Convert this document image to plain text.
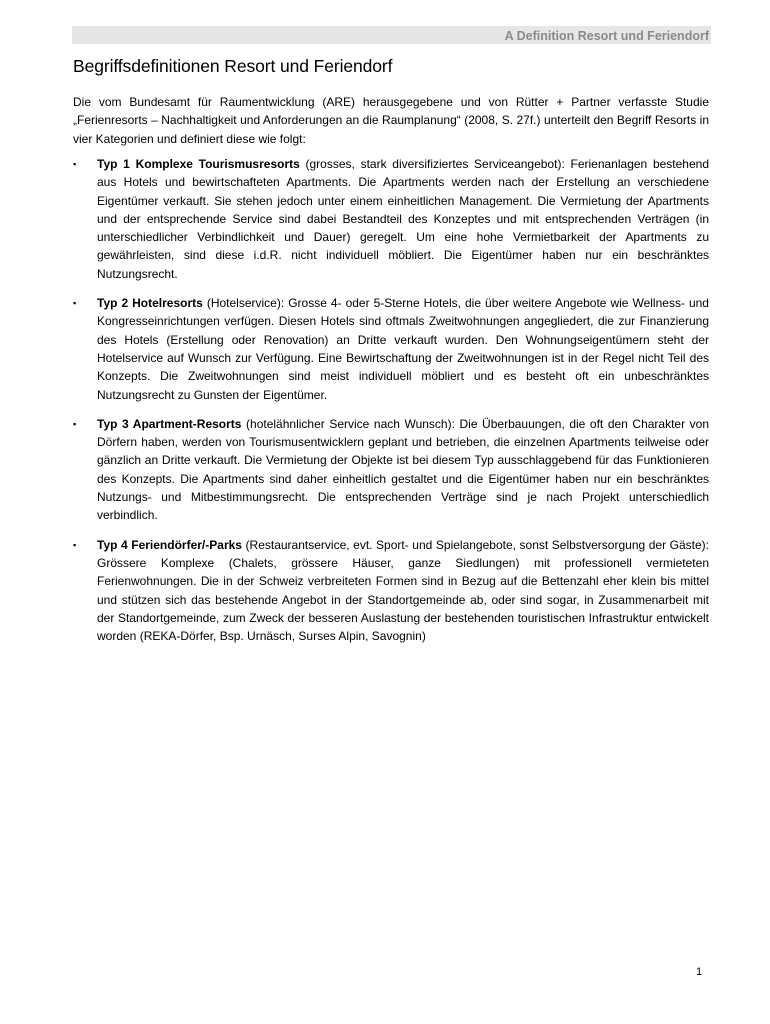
A Definition Resort und Feriendorf
Begriffsdefinitionen Resort und Feriendorf

Die vom Bundesamt für Raumentwicklung (ARE) herausgegebene und von Rütter + Partner verfasste Studie „Ferienresorts – Nachhaltigkeit und Anforderungen an die Raumplanung“ (2008, S. 27f.) unterteilt den Begriff Resorts in vier Kategorien und definiert diese wie folgt:

▪ Typ 1 Komplexe Tourismusresorts (grosses, stark diversifiziertes Serviceangebot): Ferienanlagen bestehend aus Hotels und bewirtschafteten Apartments. Die Apartments werden nach der Erstellung an verschiedene Eigentümer verkauft. Sie stehen jedoch unter einem einheitlichen Management. Die Vermietung der Apartments und der entsprechende Service sind dabei Bestandteil des Konzeptes und mit entsprechenden Verträgen (in unterschiedlicher Verbindlichkeit und Dauer) geregelt. Um eine hohe Vermietbarkeit der Apartments zu gewährleisten, sind diese i.d.R. nicht individuell möbliert. Die Eigentümer haben nur ein beschränktes Nutzungsrecht.
▪ Typ 2 Hotelresorts (Hotelservice): Grosse 4- oder 5-Sterne Hotels, die über weitere Angebote wie Wellness- und Kongresseinrichtungen verfügen. Diesen Hotels sind oftmals Zweitwohnungen angegliedert, die zur Finanzierung des Hotels (Erstellung oder Renovation) an Dritte verkauft wurden. Den Wohnungseigentümern steht der Hotelservice auf Wunsch zur Verfügung. Eine Bewirtschaftung der Zweitwohnungen ist in der Regel nicht Teil des Konzepts. Die Zweitwohnungen sind meist individuell möbliert und es besteht oft ein unbeschränktes Nutzungsrecht zu Gunsten der Eigentümer.
▪ Typ 3 Apartment-Resorts (hotelähnlicher Service nach Wunsch): Die Überbauungen, die oft den Charakter von Dörfern haben, werden von Tourismusentwicklern geplant und betrieben, die einzelnen Apartments teilweise oder gänzlich an Dritte verkauft. Die Vermietung der Objekte ist bei diesem Typ ausschlaggebend für das Funktionieren des Konzepts. Die Apartments sind daher einheitlich gestaltet und die Eigentümer haben nur ein beschränktes Nutzungs- und Mitbestimmungsrecht. Die entsprechenden Verträge sind je nach Projekt unterschiedlich verbindlich.
▪ Typ 4 Feriendörfer/-Parks (Restaurantservice, evt. Sport- und Spielangebote, sonst Selbstversorgung der Gäste): Grössere Komplexe (Chalets, grössere Häuser, ganze Siedlungen) mit professionell vermieteten Ferienwohnungen. Die in der Schweiz verbreiteten Formen sind in Bezug auf die Bettenzahl eher klein bis mittel und stützen sich das bestehende Angebot in der Standortgemeinde ab, oder sind sogar, in Zusammenarbeit mit der Standortgemeinde, zum Zweck der besseren Auslastung der bestehenden touristischen Infrastruktur entwickelt worden (REKA-Dörfer, Bsp. Urnäsch, Surses Alpin, Savognin)
1
